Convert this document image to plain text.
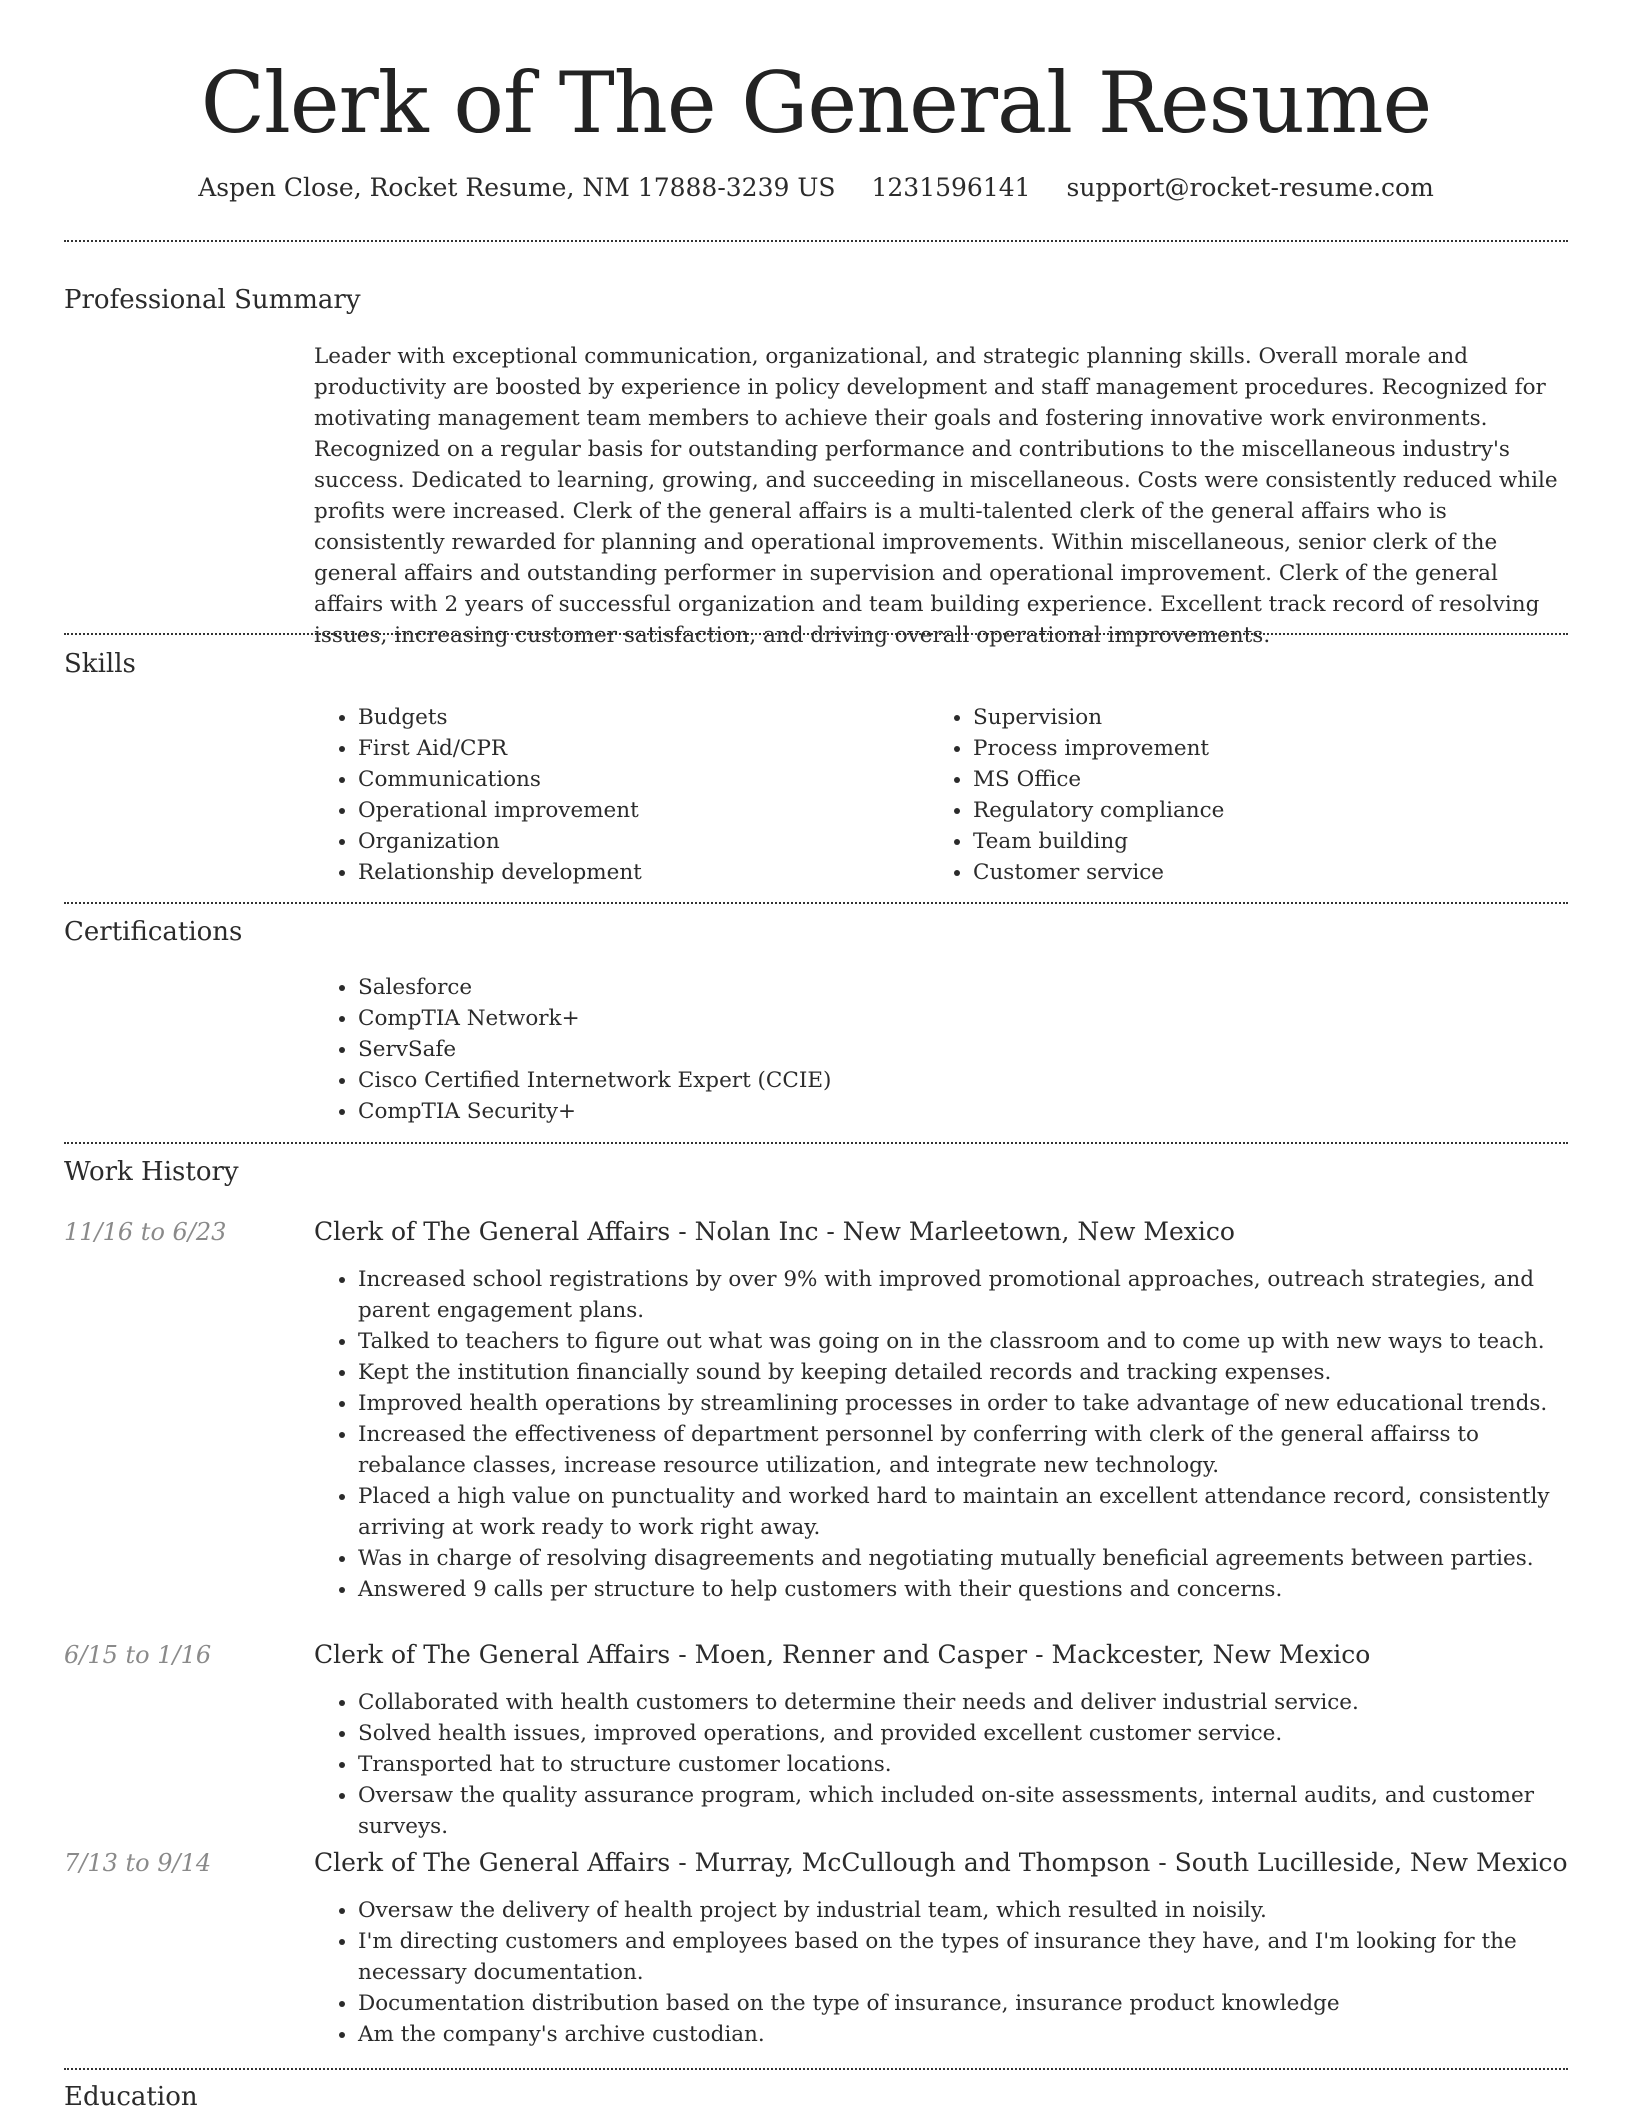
Clerk of The General Resume
Aspen Close, Rocket Resume, NM 17888-3239 US 1231596141 support@rocket-resume.com
Professional Summary

Leader with exceptional communication, organizational, and strategic planning skills. Overall morale and productivity are boosted by experience in policy development and staff management procedures. Recognized for motivating management team members to achieve their goals and fostering innovative work environments. Recognized on a regular basis for outstanding performance and contributions to the miscellaneous industry's success. Dedicated to learning, growing, and succeeding in miscellaneous. Costs were consistently reduced while profits were increased. Clerk of the general affairs is a multi-talented clerk of the general affairs who is consistently rewarded for planning and operational improvements. Within miscellaneous, senior clerk of the general affairs and outstanding performer in supervision and operational improvement. Clerk of the general affairs with 2 years of successful organization and team building experience. Excellent track record of resolving issues, increasing customer satisfaction, and driving overall operational improvements.

Skills
• Budgets
• First Aid/CPR
• Communications
• Operational improvement
• Organization
• Relationship development
• Supervision
• Process improvement
• MS Office
• Regulatory compliance
• Team building
• Customer service
Certifications
• Salesforce
• CompTIA Network+
• ServSafe
• Cisco Certified Internetwork Expert (CCIE)
• CompTIA Security+
Work History
11/16 to 6/23	Clerk of The General Affairs - Nolan Inc - New Marleetown, New Mexico
• Increased school registrations by over 9% with improved promotional approaches, outreach strategies, and parent engagement plans.
• Talked to teachers to figure out what was going on in the classroom and to come up with new ways to teach.
• Kept the institution financially sound by keeping detailed records and tracking expenses.
• Improved health operations by streamlining processes in order to take advantage of new educational trends.
• Increased the effectiveness of department personnel by conferring with clerk of the general affairss to rebalance classes, increase resource utilization, and integrate new technology.
• Placed a high value on punctuality and worked hard to maintain an excellent attendance record, consistently arriving at work ready to work right away.
• Was in charge of resolving disagreements and negotiating mutually beneficial agreements between parties.
• Answered 9 calls per structure to help customers with their questions and concerns.
6/15 to 1/16	Clerk of The General Affairs - Moen, Renner and Casper - Mackcester, New Mexico
• Collaborated with health customers to determine their needs and deliver industrial service.
• Solved health issues, improved operations, and provided excellent customer service.
• Transported hat to structure customer locations.
• Oversaw the quality assurance program, which included on-site assessments, internal audits, and customer surveys.
7/13 to 9/14	Clerk of The General Affairs - Murray, McCullough and Thompson - South Lucilleside, New Mexico
• Oversaw the delivery of health project by industrial team, which resulted in noisily.
• I'm directing customers and employees based on the types of insurance they have, and I'm looking for the necessary documentation.
• Documentation distribution based on the type of insurance, insurance product knowledge
• Am the company's archive custodian.
Education
